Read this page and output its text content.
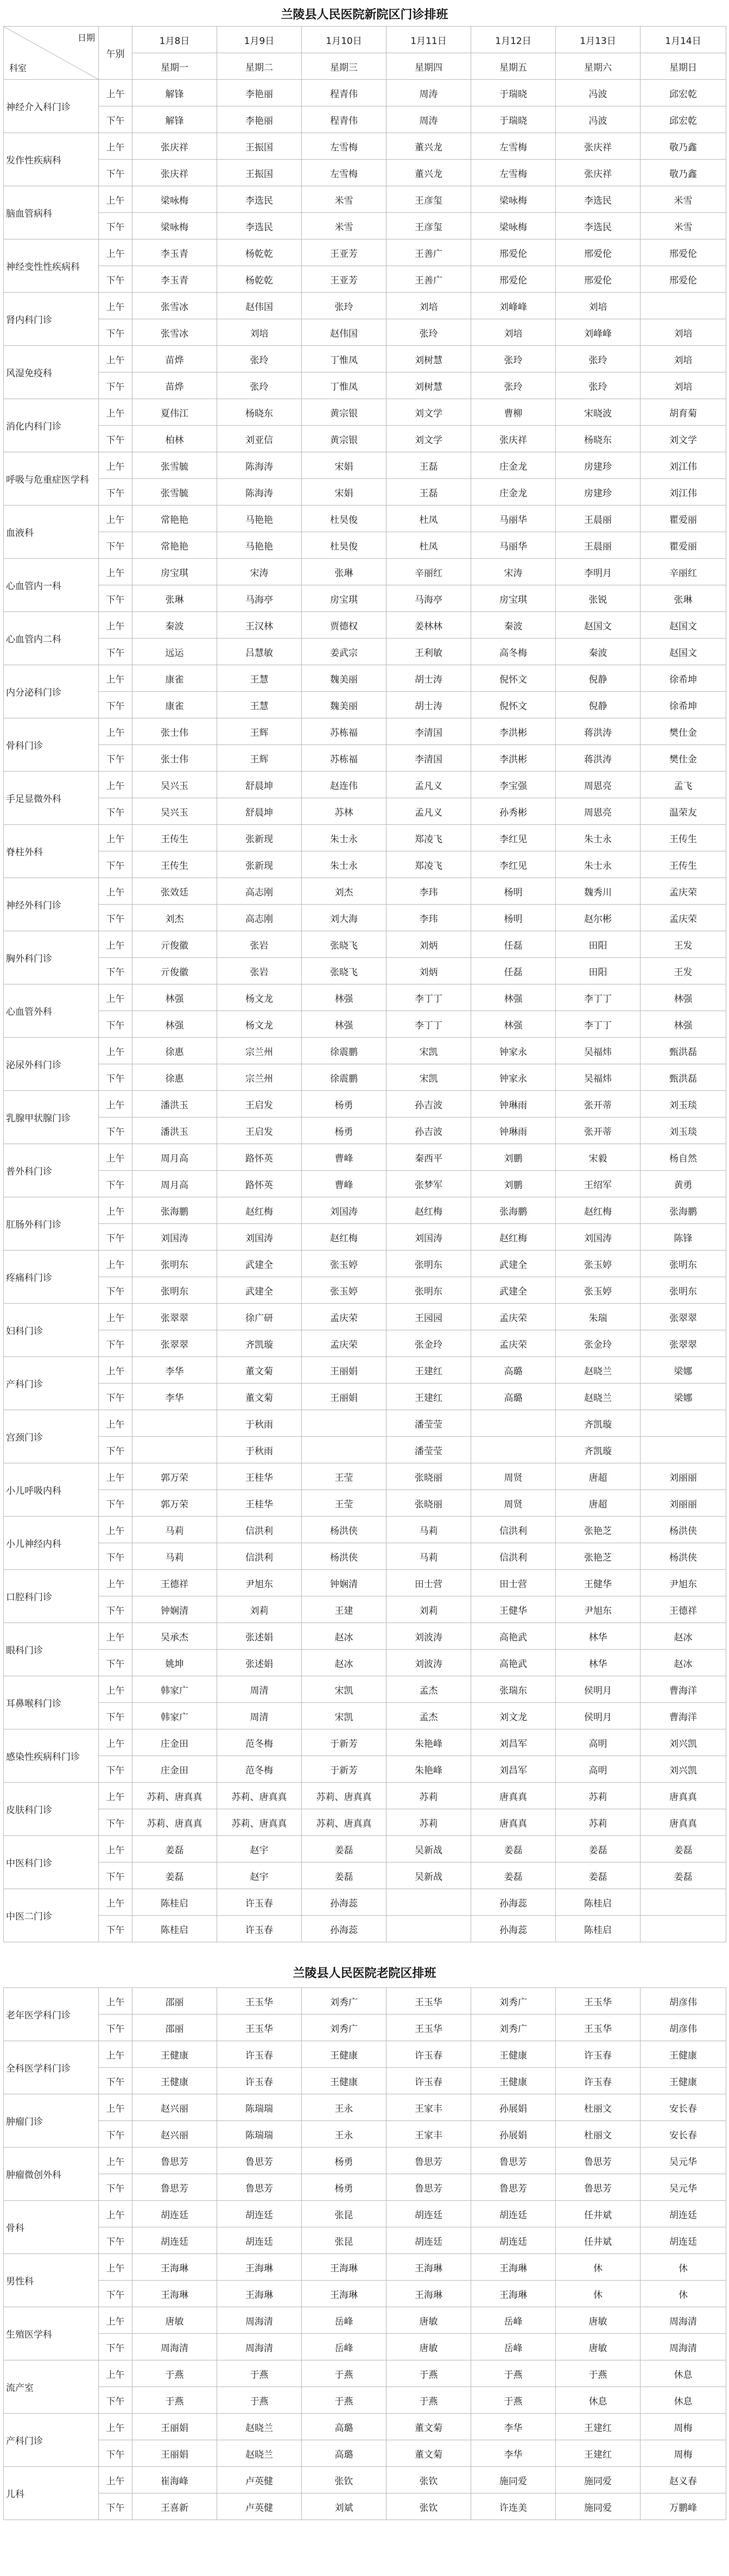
兰陵县人民医院新院区门诊排班
日期
科室	午别	1月8日	1月9日	1月10日	1月11日	1月12日	1月13日	1月14日
		星期一	星期二	星期三	星期四	星期五	星期六	星期日
神经介入科门诊	上午	解锋	李艳丽	程青伟	周涛	于瑞晓	冯波	邱宏乾
	下午	解锋	李艳丽	程青伟	周涛	于瑞晓	冯波	邱宏乾
发作性疾病科	上午	张庆祥	王振国	左雪梅	董兴龙	左雪梅	张庆祥	敬乃鑫
	下午	张庆祥	王振国	左雪梅	董兴龙	左雪梅	张庆祥	敬乃鑫
脑血管病科	上午	梁咏梅	李选民	米雪	王彦玺	梁咏梅	李选民	米雪
	下午	梁咏梅	李选民	米雪	王彦玺	梁咏梅	李选民	米雪
神经变性性疾病科	上午	李玉青	杨乾乾	王亚芳	王善广	邢爱伦	邢爱伦	邢爱伦
	下午	李玉青	杨乾乾	王亚芳	王善广	邢爱伦	邢爱伦	邢爱伦
肾内科门诊	上午	张雪冰	赵伟国	张玲	刘培	刘峰峰	刘培	
	下午	张雪冰	刘培	赵伟国	张玲	刘培	刘峰峰	刘培
风湿免疫科	上午	苗烨	张玲	丁惟凤	刘树慧	张玲	张玲	刘培
	下午	苗烨	张玲	丁惟凤	刘树慧	张玲	张玲	刘培
消化内科门诊	上午	夏伟江	杨晓东	黄宗银	刘文学	曹柳	宋晓波	胡育菊
	下午	柏林	刘亚信	黄宗银	刘文学	张庆祥	杨晓东	刘文学
呼吸与危重症医学科	上午	张雪毓	陈海涛	宋娟	王磊	庄金龙	房建珍	刘江伟
	下午	张雪毓	陈海涛	宋娟	王磊	庄金龙	房建珍	刘江伟
血液科	上午	常艳艳	马艳艳	杜昊俊	杜凤	马丽华	王晨丽	瞿爱丽
	下午	常艳艳	马艳艳	杜昊俊	杜凤	马丽华	王晨丽	瞿爱丽
心血管内一科	上午	房宝琪	宋涛	张琳	辛丽红	宋涛	李明月	辛丽红
	下午	张琳	马海亭	房宝琪	马海亭	房宝琪	张锐	张琳
心血管内二科	上午	秦波	王汉林	贾德权	姜林林	秦波	赵国文	赵国文
	下午	远运	吕慧敏	姜武宗	王利敏	高冬梅	秦波	赵国文
内分泌科门诊	上午	康雀	王慧	魏美丽	胡士涛	倪怀文	倪静	徐希坤
	下午	康雀	王慧	魏美丽	胡士涛	倪怀文	倪静	徐希坤
骨科门诊	上午	张士伟	王辉	苏栋福	李清国	李洪彬	蒋洪涛	樊仕金
	下午	张士伟	王辉	苏栋福	李清国	李洪彬	蒋洪涛	樊仕金
手足显微外科	上午	吴兴玉	舒晨坤	赵连伟	孟凡义	李宝强	周恩亮	孟飞
	下午	吴兴玉	舒晨坤	苏林	孟凡义	孙秀彬	周恩亮	温荣友
脊柱外科	上午	王传生	张新现	朱士永	郑凌飞	李红见	朱士永	王传生
	下午	王传生	张新现	朱士永	郑凌飞	李红见	朱士永	王传生
神经外科门诊	上午	张效廷	高志刚	刘杰	李玮	杨明	魏秀川	孟庆荣
	下午	刘杰	高志刚	刘大海	李玮	杨明	赵尔彬	孟庆荣
胸外科门诊	上午	亓俊徽	张岩	张晓飞	刘炳	任磊	田阳	王发
	下午	亓俊徽	张岩	张晓飞	刘炳	任磊	田阳	王发
心血管外科	上午	林强	杨文龙	林强	李丁丁	林强	李丁丁	林强
	下午	林强	杨文龙	林强	李丁丁	林强	李丁丁	林强
泌尿外科门诊	上午	徐惠	宗兰州	徐震鹏	宋凯	钟家永	吴福炜	甄洪磊
	下午	徐惠	宗兰州	徐震鹏	宋凯	钟家永	吴福炜	甄洪磊
乳腺甲状腺门诊	上午	潘洪玉	王启发	杨勇	孙吉波	钟琳雨	张开蒂	刘玉琰
	下午	潘洪玉	王启发	杨勇	孙吉波	钟琳雨	张开蒂	刘玉琰
普外科门诊	上午	周月高	路怀英	曹峰	秦西平	刘鹏	宋毅	杨自然
	下午	周月高	路怀英	曹峰	张梦军	刘鹏	王绍军	黄勇
肛肠外科门诊	上午	张海鹏	赵红梅	刘国涛	赵红梅	张海鹏	赵红梅	张海鹏
	下午	刘国涛	刘国涛	赵红梅	刘国涛	赵红梅	刘国涛	陈锋
疼痛科门诊	上午	张明东	武建全	张玉婷	张明东	武建全	张玉婷	张明东
	下午	张明东	武建全	张玉婷	张明东	武建全	张玉婷	张明东
妇科门诊	上午	张翠翠	徐广研	孟庆荣	王园园	孟庆荣	朱瑞	张翠翠
	下午	张翠翠	齐凯璇	孟庆荣	张金玲	孟庆荣	张金玲	张翠翠
产科门诊	上午	李华	董文菊	王丽娟	王建红	高璐	赵晓兰	梁娜
	下午	李华	董文菊	王丽娟	王建红	高璐	赵晓兰	梁娜
宫颈门诊	上午		于秋雨		潘莹莹		齐凯璇	
	下午		于秋雨		潘莹莹		齐凯璇	
小儿呼吸内科	上午	郭万荣	王桂华	王莹	张晓丽	周贤	唐超	刘丽丽
	下午	郭万荣	王桂华	王莹	张晓丽	周贤	唐超	刘丽丽
小儿神经内科	上午	马莉	信洪利	杨洪侠	马莉	信洪利	张艳芝	杨洪侠
	下午	马莉	信洪利	杨洪侠	马莉	信洪利	张艳芝	杨洪侠
口腔科门诊	上午	王德祥	尹旭东	钟娴清	田士营	田士营	王健华	尹旭东
	下午	钟娴清	刘莉	王建	刘莉	王健华	尹旭东	王德祥
眼科门诊	上午	吴承杰	张述娟	赵冰	刘波涛	高艳武	林华	赵冰
	下午	姚坤	张述娟	赵冰	刘波涛	高艳武	林华	赵冰
耳鼻喉科门诊	上午	韩家广	周清	宋凯	孟杰	张瑞东	侯明月	曹海洋
	下午	韩家广	周清	宋凯	孟杰	刘文龙	侯明月	曹海洋
感染性疾病科门诊	上午	庄金田	范冬梅	于新芳	朱艳峰	刘昌军	高明	刘兴凯
	下午	庄金田	范冬梅	于新芳	朱艳峰	刘昌军	高明	刘兴凯
皮肤科门诊	上午	苏莉、唐真真	苏莉、唐真真	苏莉、唐真真	苏莉	唐真真	苏莉	唐真真
	下午	苏莉、唐真真	苏莉、唐真真	苏莉、唐真真	苏莉	唐真真	苏莉	唐真真
中医科门诊	上午	姜磊	赵宇	姜磊	吴新战	姜磊	姜磊	姜磊
	下午	姜磊	赵宇	姜磊	吴新战	姜磊	姜磊	姜磊
中医二门诊	上午	陈桂启	许玉春	孙海蕊		孙海蕊	陈桂启	
	下午	陈桂启	许玉春	孙海蕊		孙海蕊	陈桂启	
兰陵县人民医院老院区排班
老年医学科门诊	上午	邵丽	王玉华	刘秀广	王玉华	刘秀广	王玉华	胡彦伟
	下午	邵丽	王玉华	刘秀广	王玉华	刘秀广	王玉华	胡彦伟
全科医学科门诊	上午	王健康	许玉春	王健康	许玉春	王健康	许玉春	王健康
	下午	王健康	许玉春	王健康	许玉春	王健康	许玉春	王健康
肿瘤门诊	上午	赵兴丽	陈瑞瑞	王永	王家丰	孙展娟	杜丽文	安长春
	下午	赵兴丽	陈瑞瑞	王永	王家丰	孙展娟	杜丽文	安长春
肿瘤微创外科	上午	鲁思芳	鲁思芳	杨勇	鲁思芳	鲁思芳	鲁思芳	吴元华
	下午	鲁思芳	鲁思芳	杨勇	鲁思芳	鲁思芳	鲁思芳	吴元华
骨科	上午	胡连廷	胡连廷	张昆	胡连廷	胡连廷	任井斌	胡连廷
	下午	胡连廷	胡连廷	张昆	胡连廷	胡连廷	任井斌	胡连廷
男性科	上午	王海琳	王海琳	王海琳	王海琳	王海琳	休	休
	下午	王海琳	王海琳	王海琳	王海琳	王海琳	休	休
生殖医学科	上午	唐敏	周海清	岳峰	唐敏	岳峰	唐敏	周海清
	下午	周海清	周海清	岳峰	唐敏	岳峰	唐敏	周海清
流产室	上午	于燕	于燕	于燕	于燕	于燕	于燕	休息
	下午	于燕	于燕	于燕	于燕	于燕	休息	休息
产科门诊	上午	王丽娟	赵晓兰	高璐	董文菊	李华	王建红	周梅
	下午	王丽娟	赵晓兰	高璐	董文菊	李华	王建红	周梅
儿科	上午	崔海峰	卢英健	张钦	张钦	施同爱	施同爱	赵义春
	下午	王喜新	卢英健	刘斌	张钦	许连美	施同爱	万鹏峰
